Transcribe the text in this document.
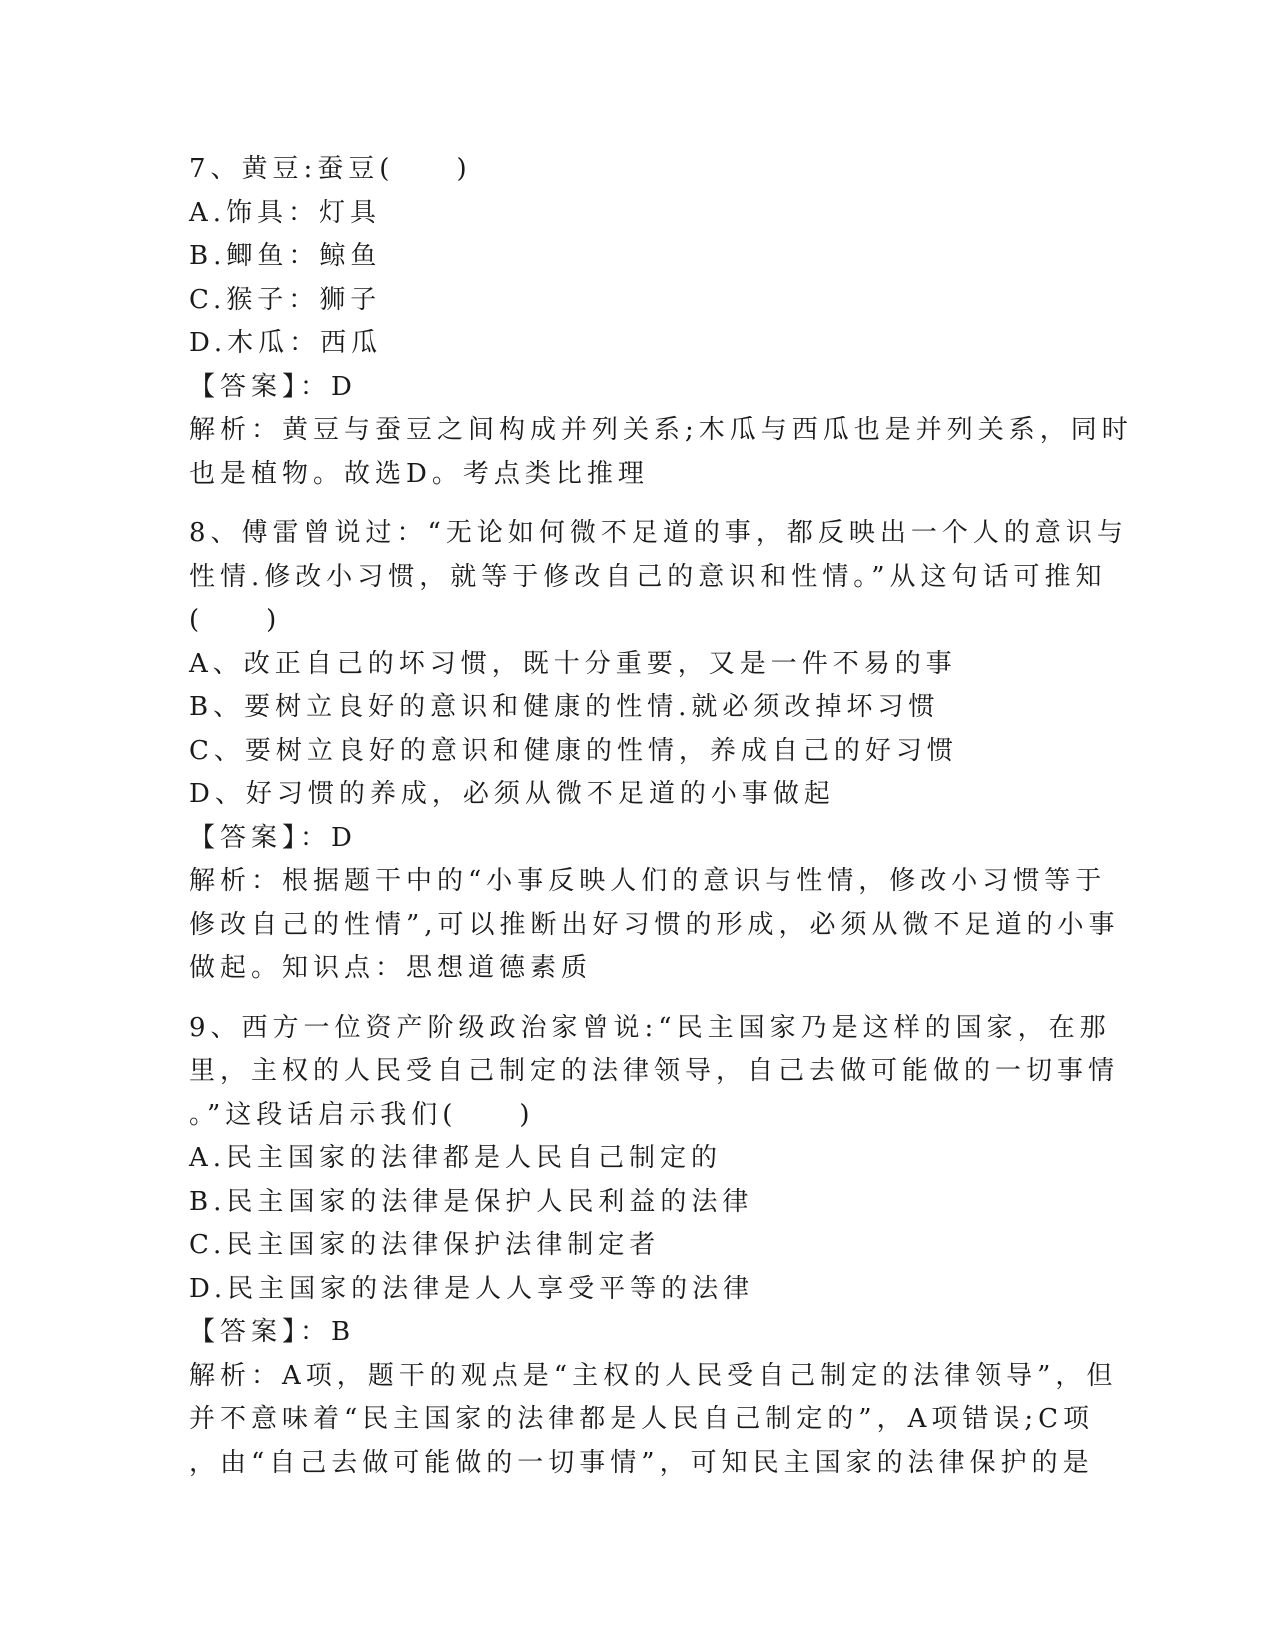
7、黄豆:蚕豆(　　)
A.饰具：灯具
B.鲫鱼：鲸鱼
C.猴子：狮子
D.木瓜：西瓜
【答案】：D
解析：黄豆与蚕豆之间构成并列关系;木瓜与西瓜也是并列关系，同时
也是植物。故选D。考点类比推理
8、傅雷曾说过：“无论如何微不足道的事，都反映出一个人的意识与
性情.修改小习惯，就等于修改自己的意识和性情。”从这句话可推知
(　　)
A、改正自己的坏习惯，既十分重要，又是一件不易的事
B、要树立良好的意识和健康的性情.就必须改掉坏习惯
C、要树立良好的意识和健康的性情，养成自己的好习惯
D、好习惯的养成，必须从微不足道的小事做起
【答案】：D
解析：根据题干中的“小事反映人们的意识与性情，修改小习惯等于
修改自己的性情”,可以推断出好习惯的形成，必须从微不足道的小事
做起。知识点：思想道德素质
9、西方一位资产阶级政治家曾说:“民主国家乃是这样的国家，在那
里，主权的人民受自己制定的法律领导，自己去做可能做的一切事情
。”这段话启示我们(　　)
A.民主国家的法律都是人民自己制定的
B.民主国家的法律是保护人民利益的法律
C.民主国家的法律保护法律制定者
D.民主国家的法律是人人享受平等的法律
【答案】：B
解析：A项，题干的观点是“主权的人民受自己制定的法律领导”，但
并不意味着“民主国家的法律都是人民自己制定的”，A项错误;C项
，由“自己去做可能做的一切事情”，可知民主国家的法律保护的是
